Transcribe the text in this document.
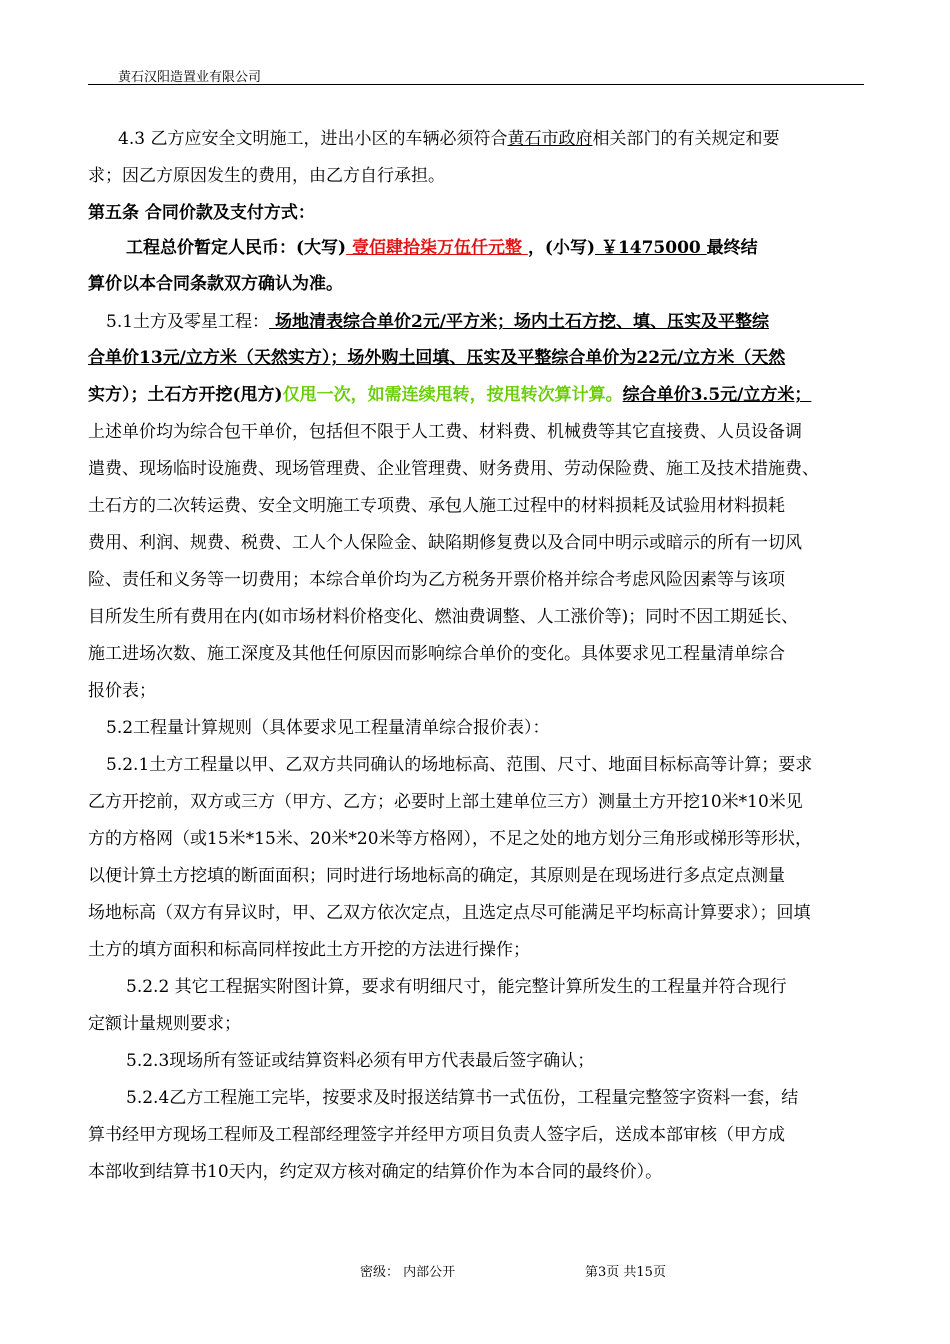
黄石汉阳造置业有限公司
4.3 乙方应安全文明施工，进出小区的车辆必须符合黄石市政府相关部门的有关规定和要
求；因乙方原因发生的费用，由乙方自行承担。
第五条 合同价款及支付方式：
工程总价暂定人民币：(大写) 壹佰肆拾柒万伍仟元整 ，(小写) ￥1475000 最终结
算价以本合同条款双方确认为准。
5.1土方及零星工程： 场地清表综合单价2元/平方米；场内土石方挖、填、压实及平整综
合单价13元/立方米（天然实方）；场外购土回填、压实及平整综合单价为22元/立方米（天然
实方）；土石方开挖(甩方)仅甩一次，如需连续甩转，按甩转次算计算。综合单价3.5元/立方米；
上述单价均为综合包干单价，包括但不限于人工费、材料费、机械费等其它直接费、人员设备调
遣费、现场临时设施费、现场管理费、企业管理费、财务费用、劳动保险费、施工及技术措施费、
土石方的二次转运费、安全文明施工专项费、承包人施工过程中的材料损耗及试验用材料损耗
费用、利润、规费、税费、工人个人保险金、缺陷期修复费以及合同中明示或暗示的所有一切风
险、责任和义务等一切费用；本综合单价均为乙方税务开票价格并综合考虑风险因素等与该项
目所发生所有费用在内(如市场材料价格变化、燃油费调整、人工涨价等)；同时不因工期延长、
施工进场次数、施工深度及其他任何原因而影响综合单价的变化。具体要求见工程量清单综合
报价表；
5.2工程量计算规则（具体要求见工程量清单综合报价表）：
5.2.1土方工程量以甲、乙双方共同确认的场地标高、范围、尺寸、地面目标标高等计算；要求
乙方开挖前，双方或三方（甲方、乙方；必要时上部土建单位三方）测量土方开挖10米*10米见
方的方格网（或15米*15米、20米*20米等方格网），不足之处的地方划分三角形或梯形等形状，
以便计算土方挖填的断面面积；同时进行场地标高的确定，其原则是在现场进行多点定点测量
场地标高（双方有异议时，甲、乙双方依次定点，且选定点尽可能满足平均标高计算要求）；回填
土方的填方面积和标高同样按此土方开挖的方法进行操作；
5.2.2 其它工程据实附图计算，要求有明细尺寸，能完整计算所发生的工程量并符合现行
定额计量规则要求；
5.2.3现场所有签证或结算资料必须有甲方代表最后签字确认；
5.2.4乙方工程施工完毕，按要求及时报送结算书一式伍份，工程量完整签字资料一套，结
算书经甲方现场工程师及工程部经理签字并经甲方项目负责人签字后，送成本部审核（甲方成
本部收到结算书10天内，约定双方核对确定的结算价作为本合同的最终价）。
密级： 内部公开	第3页 共15页
